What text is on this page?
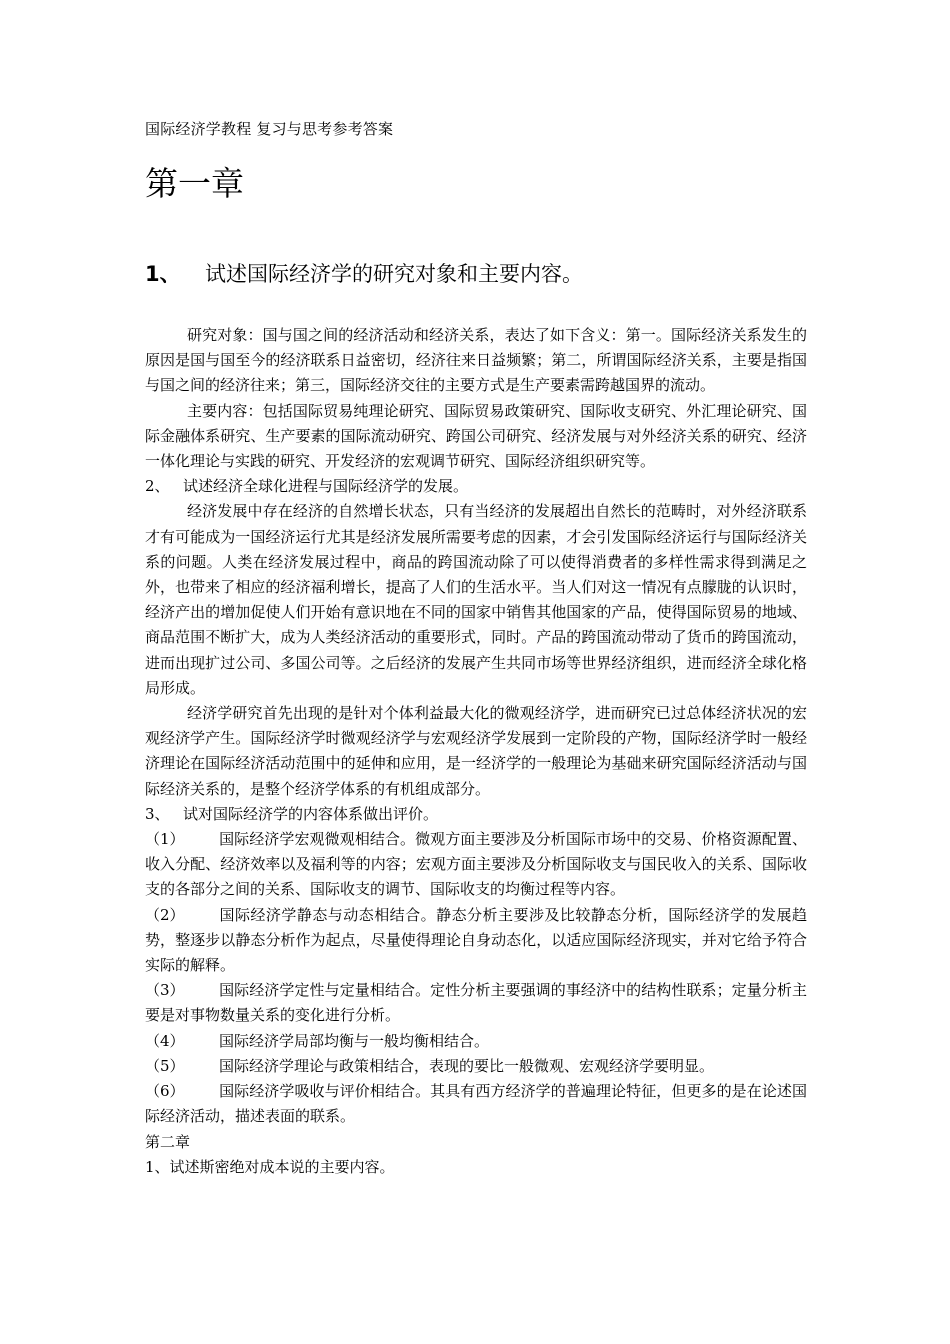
国际经济学教程 复习与思考参考答案
第一章
1、 试述国际经济学的研究对象和主要内容。

研究对象：国与国之间的经济活动和经济关系，表达了如下含义：第一。国际经济关系发生的原因是国与国至今的经济联系日益密切，经济往来日益频繁；第二，所谓国际经济关系，主要是指国与国之间的经济往来；第三，国际经济交往的主要方式是生产要素需跨越国界的流动。

主要内容：包括国际贸易纯理论研究、国际贸易政策研究、国际收支研究、外汇理论研究、国际金融体系研究、生产要素的国际流动研究、跨国公司研究、经济发展与对外经济关系的研究、经济一体化理论与实践的研究、开发经济的宏观调节研究、国际经济组织研究等。

2、 试述经济全球化进程与国际经济学的发展。

经济发展中存在经济的自然增长状态，只有当经济的发展超出自然长的范畴时，对外经济联系才有可能成为一国经济运行尤其是经济发展所需要考虑的因素，才会引发国际经济运行与国际经济关系的问题。人类在经济发展过程中，商品的跨国流动除了可以使得消费者的多样性需求得到满足之外，也带来了相应的经济福利增长，提高了人们的生活水平。当人们对这一情况有点朦胧的认识时，经济产出的增加促使人们开始有意识地在不同的国家中销售其他国家的产品，使得国际贸易的地域、商品范围不断扩大，成为人类经济活动的重要形式，同时。产品的跨国流动带动了货币的跨国流动，进而出现扩过公司、多国公司等。之后经济的发展产生共同市场等世界经济组织，进而经济全球化格局形成。

经济学研究首先出现的是针对个体利益最大化的微观经济学，进而研究已过总体经济状况的宏观经济学产生。国际经济学时微观经济学与宏观经济学发展到一定阶段的产物，国际经济学时一般经济理论在国际经济活动范围中的延伸和应用，是一经济学的一般理论为基础来研究国际经济活动与国际经济关系的，是整个经济学体系的有机组成部分。

3、 试对国际经济学的内容体系做出评价。

（1） 国际经济学宏观微观相结合。微观方面主要涉及分析国际市场中的交易、价格资源配置、收入分配、经济效率以及福利等的内容；宏观方面主要涉及分析国际收支与国民收入的关系、国际收支的各部分之间的关系、国际收支的调节、国际收支的均衡过程等内容。

（2） 国际经济学静态与动态相结合。静态分析主要涉及比较静态分析，国际经济学的发展趋势，整逐步以静态分析作为起点，尽量使得理论自身动态化，以适应国际经济现实，并对它给予符合实际的解释。

（3） 国际经济学定性与定量相结合。定性分析主要强调的事经济中的结构性联系；定量分析主要是对事物数量关系的变化进行分析。

（4） 国际经济学局部均衡与一般均衡相结合。

（5） 国际经济学理论与政策相结合，表现的要比一般微观、宏观经济学要明显。

（6） 国际经济学吸收与评价相结合。其具有西方经济学的普遍理论特征，但更多的是在论述国际经济活动，描述表面的联系。

第二章

1、试述斯密绝对成本说的主要内容。
